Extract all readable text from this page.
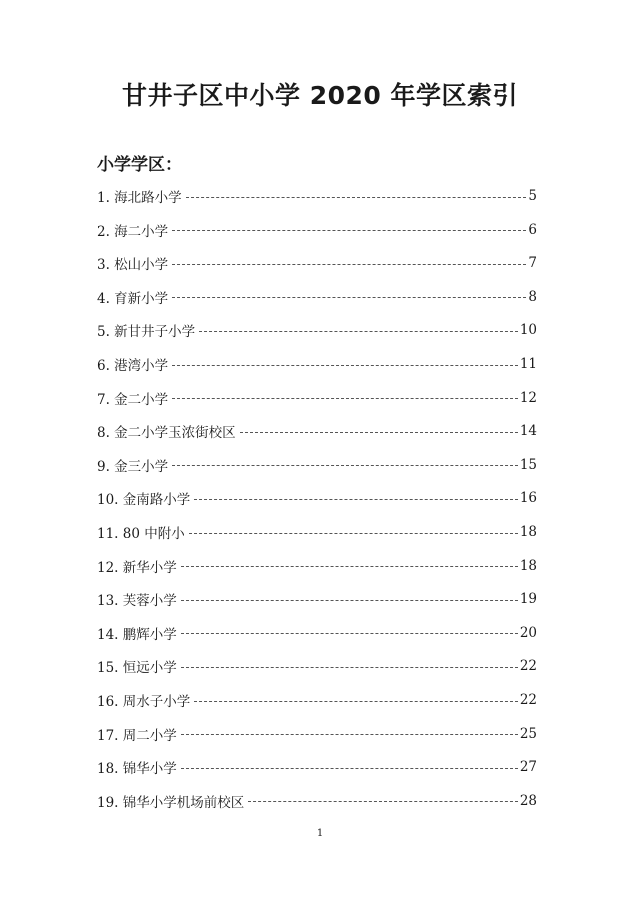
甘井子区中小学 2020 年学区索引
小学学区：
1. 海北路小学	5
2. 海二小学	6
3. 松山小学	7
4. 育新小学	8
5. 新甘井子小学	10
6. 港湾小学	11
7. 金二小学	12
8. 金二小学玉浓街校区	14
9. 金三小学	15
10. 金南路小学	16
11. 80 中附小	18
12. 新华小学	18
13. 芙蓉小学	19
14. 鹏辉小学	20
15. 恒远小学	22
16. 周水子小学	22
17. 周二小学	25
18. 锦华小学	27
19. 锦华小学机场前校区	28
1
